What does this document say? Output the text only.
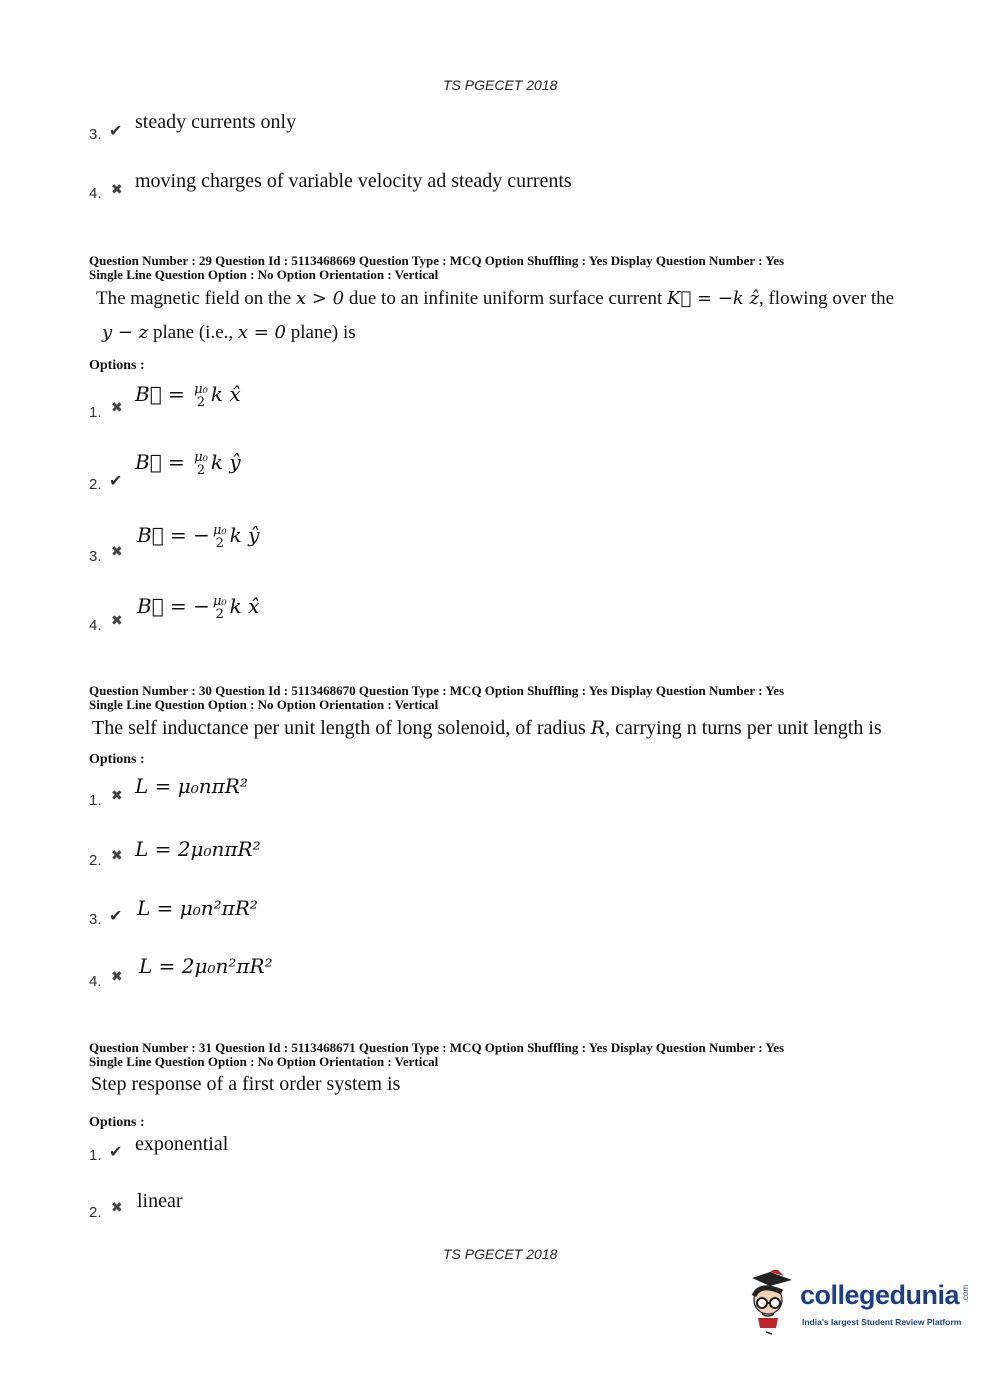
TS PGECET 2018
3. ✔ steady currents only
4. ✖ moving charges of variable velocity ad steady currents
Question Number : 29 Question Id : 5113468669 Question Type : MCQ Option Shuffling : Yes Display Question Number : Yes
Single Line Question Option : No Option Orientation : Vertical
The magnetic field on the x > 0 due to an infinite uniform surface current K⃗ = −k ẑ, flowing over the
y − z plane (i.e., x = 0 plane) is
Options :
1. ✖
B⃗ = μ₀
2 k x̂
2. ✔
B⃗ = μ₀
2 k ŷ
3. ✖
B⃗ = − μ₀
2 k ŷ
4. ✖
B⃗ = − μ₀
2 k x̂
Question Number : 30 Question Id : 5113468670 Question Type : MCQ Option Shuffling : Yes Display Question Number : Yes
Single Line Question Option : No Option Orientation : Vertical
The self inductance per unit length of long solenoid, of radius R, carrying n turns per unit length is
Options :
1. ✖ L = μ₀nπR²
2. ✖ L = 2μ₀nπR²
3. ✔ L = μ₀n²πR²
4. ✖ L = 2μ₀n²πR²
Question Number : 31 Question Id : 5113468671 Question Type : MCQ Option Shuffling : Yes Display Question Number : Yes
Single Line Question Option : No Option Orientation : Vertical
Step response of a first order system is
Options :
1. ✔ exponential
2. ✖ linear
TS PGECET 2018
collegedunia .com
India's largest Student Review Platform
